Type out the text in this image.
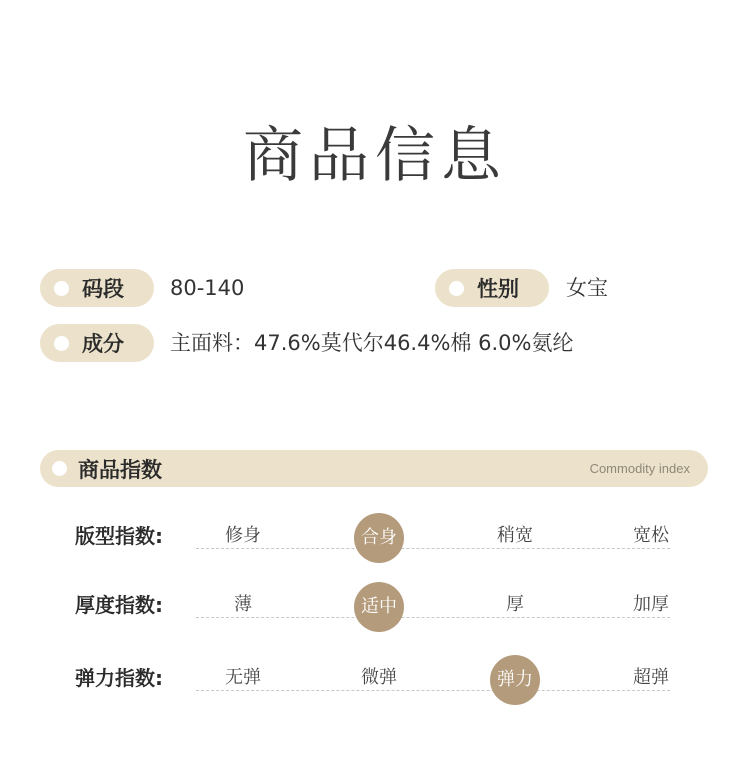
商品信息
码段 80-140	性别 女宝
成分 主面料：47.6%莫代尔46.4%棉 6.0%氨纶
商品指数	Commodity index
版型指数:	修身	合身	稍宽	宽松
厚度指数:	薄	适中	厚	加厚
弹力指数:	无弹	微弹	弹力	超弹
